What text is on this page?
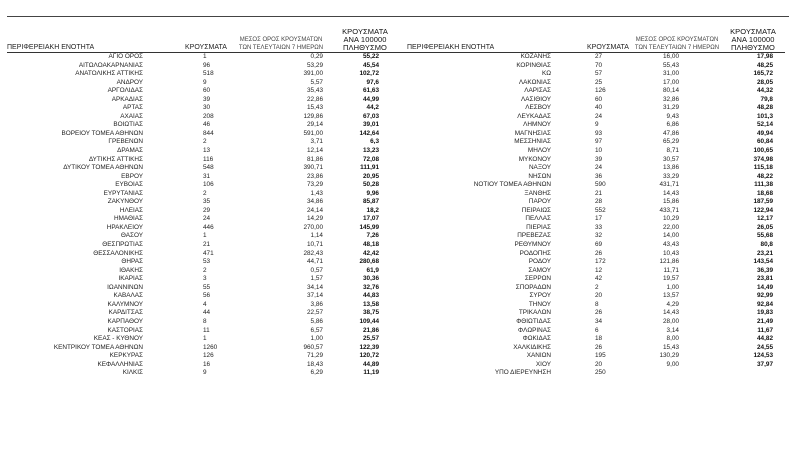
ΠΕΡΙΦΕΡΕΙΑΚΗ ΕΝΟΤΗΤΑ	ΚΡΟΥΣΜΑΤΑ	ΜΕΣΟΣ ΟΡΟΣ ΚΡΟΥΣΜΑΤΩΝ
ΤΩΝ ΤΕΛΕΥΤΑΙΩΝ 7 ΗΜΕΡΩΝ	ΚΡΟΥΣΜΑΤΑ ΑΝΑ 100000
ΠΛΗΘΥΣΜΟ	ΠΕΡΙΦΕΡΕΙΑΚΗ ΕΝΟΤΗΤΑ	ΚΡΟΥΣΜΑΤΑ	ΜΕΣΟΣ ΟΡΟΣ ΚΡΟΥΣΜΑΤΩΝ
ΤΩΝ ΤΕΛΕΥΤΑΙΩΝ 7 ΗΜΕΡΩΝ	ΚΡΟΥΣΜΑΤΑ ΑΝΑ 100000
ΠΛΗΘΥΣΜΟ
ΑΓΙΟ ΟΡΟΣ	1	0,29	55,22	ΚΟΖΑΝΗΣ	27	16,00	17,98
ΑΙΤΩΛΟΑΚΑΡΝΑΝΙΑΣ	96	53,29	45,54	ΚΟΡΙΝΘΙΑΣ	70	55,43	48,25
ΑΝΑΤΟΛΙΚΗΣ ΑΤΤΙΚΗΣ	518	391,00	102,72	ΚΩ	57	31,00	165,72
ΑΝΔΡΟΥ	9	5,57	97,6	ΛΑΚΩΝΙΑΣ	25	17,00	28,05
ΑΡΓΟΛΙΔΑΣ	60	35,43	61,63	ΛΑΡΙΣΑΣ	126	80,14	44,32
ΑΡΚΑΔΙΑΣ	39	22,86	44,99	ΛΑΣΙΘΙΟΥ	60	32,86	79,8
ΑΡΤΑΣ	30	15,43	44,2	ΛΕΣΒΟΥ	40	31,29	48,28
ΑΧΑΪΑΣ	208	129,86	67,03	ΛΕΥΚΑΔΑΣ	24	9,43	101,3
ΒΟΙΩΤΙΑΣ	46	29,14	39,01	ΛΗΜΝΟΥ	9	6,86	52,14
ΒΟΡΕΙΟΥ ΤΟΜΕΑ ΑΘΗΝΩΝ	844	591,00	142,64	ΜΑΓΝΗΣΙΑΣ	93	47,86	49,94
ΓΡΕΒΕΝΩΝ	2	3,71	6,3	ΜΕΣΣΗΝΙΑΣ	97	65,29	60,84
ΔΡΑΜΑΣ	13	12,14	13,23	ΜΗΛΟΥ	10	8,71	100,65
ΔΥΤΙΚΗΣ ΑΤΤΙΚΗΣ	116	81,86	72,08	ΜΥΚΟΝΟΥ	39	30,57	374,98
ΔΥΤΙΚΟΥ ΤΟΜΕΑ ΑΘΗΝΩΝ	548	390,71	111,91	ΝΑΞΟΥ	24	13,86	115,18
ΕΒΡΟΥ	31	23,86	20,95	ΝΗΣΩΝ	36	33,29	48,22
ΕΥΒΟΙΑΣ	106	73,29	50,28	ΝΟΤΙΟΥ ΤΟΜΕΑ ΑΘΗΝΩΝ	590	431,71	111,38
ΕΥΡΥΤΑΝΙΑΣ	2	1,43	9,96	ΞΑΝΘΗΣ	21	14,43	18,68
ΖΑΚΥΝΘΟΥ	35	34,86	85,87	ΠΑΡΟΥ	28	15,86	187,59
ΗΛΕΙΑΣ	29	24,14	18,2	ΠΕΙΡΑΙΩΣ	552	433,71	122,94
ΗΜΑΘΙΑΣ	24	14,29	17,07	ΠΕΛΛΑΣ	17	10,29	12,17
ΗΡΑΚΛΕΙΟΥ	446	270,00	145,99	ΠΙΕΡΙΑΣ	33	22,00	26,05
ΘΑΣΟΥ	1	1,14	7,26	ΠΡΕΒΕΖΑΣ	32	14,00	55,68
ΘΕΣΠΡΩΤΙΑΣ	21	10,71	48,18	ΡΕΘΥΜΝΟΥ	69	43,43	80,8
ΘΕΣΣΑΛΟΝΙΚΗΣ	471	282,43	42,42	ΡΟΔΟΠΗΣ	26	10,43	23,21
ΘΗΡΑΣ	53	44,71	280,68	ΡΟΔΟΥ	172	121,86	143,54
ΙΘΑΚΗΣ	2	0,57	61,9	ΣΑΜΟΥ	12	11,71	36,39
ΙΚΑΡΙΑΣ	3	1,57	30,36	ΣΕΡΡΩΝ	42	19,57	23,81
ΙΩΑΝΝΙΝΩΝ	55	34,14	32,76	ΣΠΟΡΑΔΩΝ	2	1,00	14,49
ΚΑΒΑΛΑΣ	56	37,14	44,83	ΣΥΡΟΥ	20	13,57	92,99
ΚΑΛΥΜΝΟΥ	4	3,86	13,58	ΤΗΝΟΥ	8	4,29	92,84
ΚΑΡΔΙΤΣΑΣ	44	22,57	38,75	ΤΡΙΚΑΛΩΝ	26	14,43	19,83
ΚΑΡΠΑΘΟΥ	8	5,86	109,44	ΦΘΙΩΤΙΔΑΣ	34	28,00	21,49
ΚΑΣΤΟΡΙΑΣ	11	6,57	21,86	ΦΛΩΡΙΝΑΣ	6	3,14	11,67
ΚΕΑΣ - ΚΥΘΝΟΥ	1	1,00	25,57	ΦΩΚΙΔΑΣ	18	8,00	44,82
ΚΕΝΤΡΙΚΟΥ ΤΟΜΕΑ ΑΘΗΝΩΝ	1260	960,57	122,39	ΧΑΛΚΙΔΙΚΗΣ	26	15,43	24,55
ΚΕΡΚΥΡΑΣ	126	71,29	120,72	ΧΑΝΙΩΝ	195	130,29	124,53
ΚΕΦΑΛΛΗΝΙΑΣ	16	18,43	44,89	ΧΙΟΥ	20	9,00	37,97
ΚΙΛΚΙΣ	9	6,29	11,19	ΥΠΟ ΔΙΕΡΕΥΝΗΣΗ	250		
